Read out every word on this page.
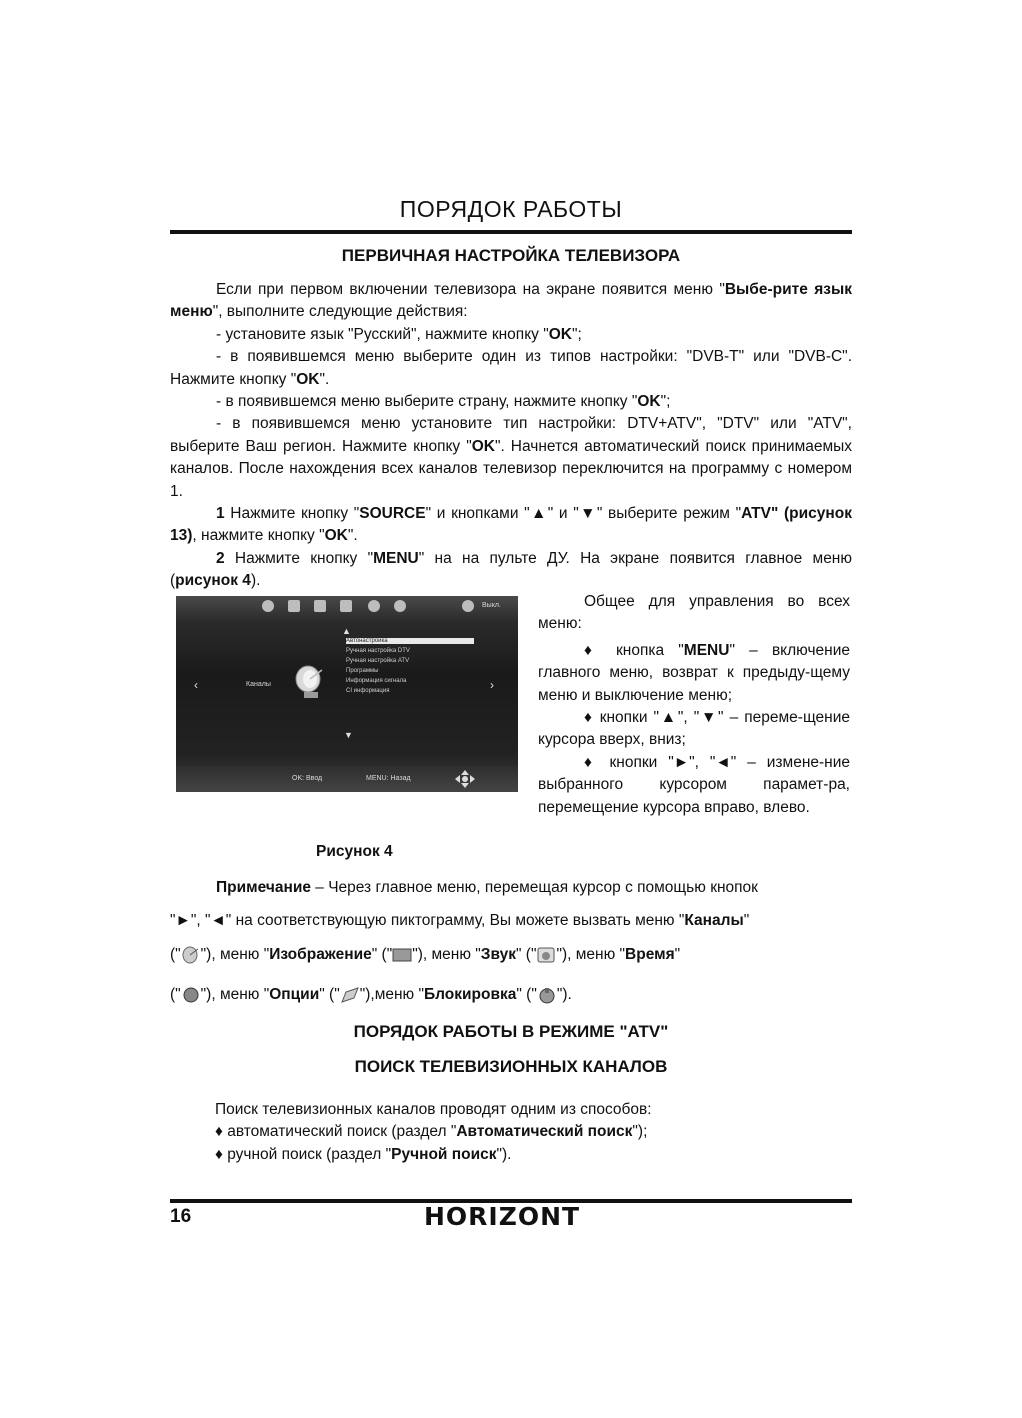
ПОРЯДОК РАБОТЫ
ПЕРВИЧНАЯ НАСТРОЙКА ТЕЛЕВИЗОРА

Если при первом включении телевизора на экране появится меню "Выбе-рите язык меню", выполните следующие действия:

- установите язык "Русский", нажмите кнопку "OK";

- в появившемся меню выберите один из типов настройки: "DVB-T" или "DVB-C". Нажмите кнопку "OK".

- в появившемся меню выберите страну, нажмите кнопку "OK";

- в появившемся меню установите тип настройки: DTV+ATV", "DTV" или "ATV", выберите Ваш регион. Нажмите кнопку "OK". Начнется автоматический поиск принимаемых каналов. После нахождения всех каналов телевизор переключится на программу с номером 1.

1 Нажмите кнопку "SOURCE" и кнопками "▲" и "▼" выберите режим "ATV" (рисунок 13), нажмите кнопку "OK".

2 Нажмите кнопку "MENU" на на пульте ДУ. На экране появится главное меню (рисунок 4).

Выкл.
▲
‹	›
▼
Каналы
Автонастройка
Ручная настройка DTV
Ручная настройка ATV
Программы
Информация сигнала
CI информация
OK: Ввод	MENU: Назад

Общее для управления во всех меню:

♦ кнопка "MENU" – включение главного меню, возврат к предыду-щему меню и выключение меню;

♦ кнопки "▲", "▼" – переме-щение курсора вверх, вниз;

♦ кнопки "►", "◄" – измене-ние выбранного курсором парамет-ра, перемещение курсора вправо, влево.

Рисунок 4
Примечание – Через главное меню, перемещая курсор с помощью кнопок
"►", "◄" на соответствующую пиктограмму, Вы можете вызвать меню "Каналы"
(" "), меню "Изображение" (" "), меню "Звук" (" "), меню "Время"
(" "), меню "Опции" (" "),меню "Блокировка" (" ").
ПОРЯДОК РАБОТЫ В РЕЖИМЕ "ATV"
ПОИСК ТЕЛЕВИЗИОННЫХ КАНАЛОВ

Поиск телевизионных каналов проводят одним из способов:

♦ автоматический поиск (раздел "Автоматический поиск");

♦ ручной поиск (раздел "Ручной поиск").

16	HORIZONT
